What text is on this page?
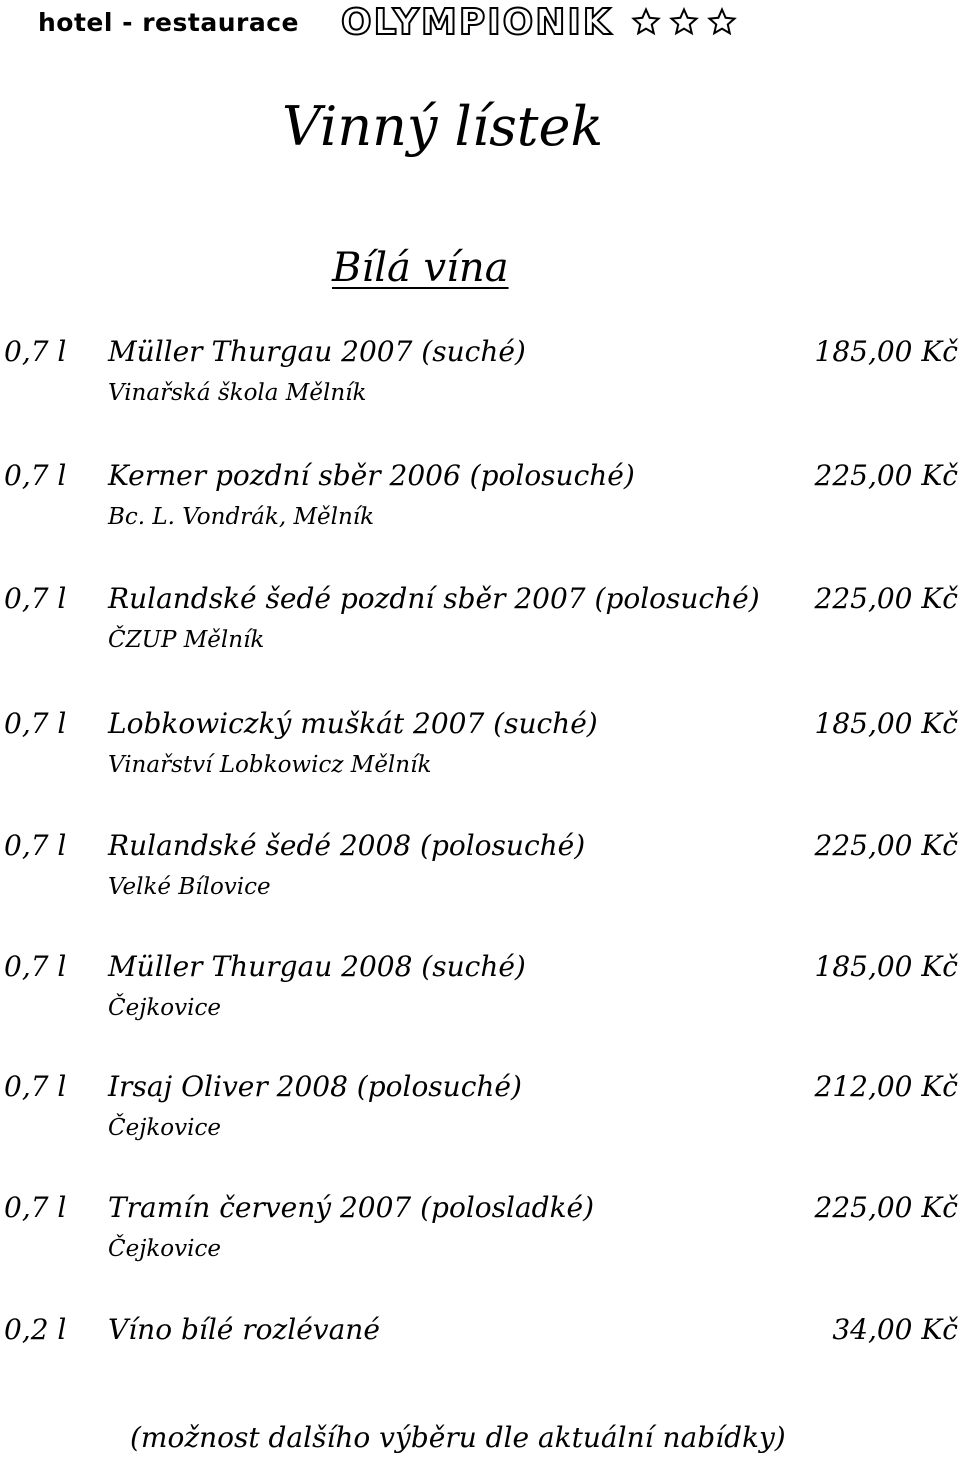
hotel - restaurace OLYMPIONIK
Vinný lístek
Bílá vína
0,7 l Müller Thurgau 2007 (suché)
Vinařská škola Mělník
185,00 Kč
0,7 l Kerner pozdní sběr 2006 (polosuché)
Bc. L. Vondrák, Mělník
225,00 Kč
0,7 l Rulandské šedé pozdní sběr 2007 (polosuché)
ČZUP Mělník
225,00 Kč
0,7 l Lobkowiczký muškát 2007 (suché)
Vinařství Lobkowicz Mělník
185,00 Kč
0,7 l Rulandské šedé 2008 (polosuché)
Velké Bílovice
225,00 Kč
0,7 l Müller Thurgau 2008 (suché)
Čejkovice
185,00 Kč
0,7 l Irsaj Oliver 2008 (polosuché)
Čejkovice
212,00 Kč
0,7 l Tramín červený 2007 (polosladké)
Čejkovice
225,00 Kč
0,2 l Víno bílé rozlévané	34,00 Kč
(možnost dalšího výběru dle aktuální nabídky)
